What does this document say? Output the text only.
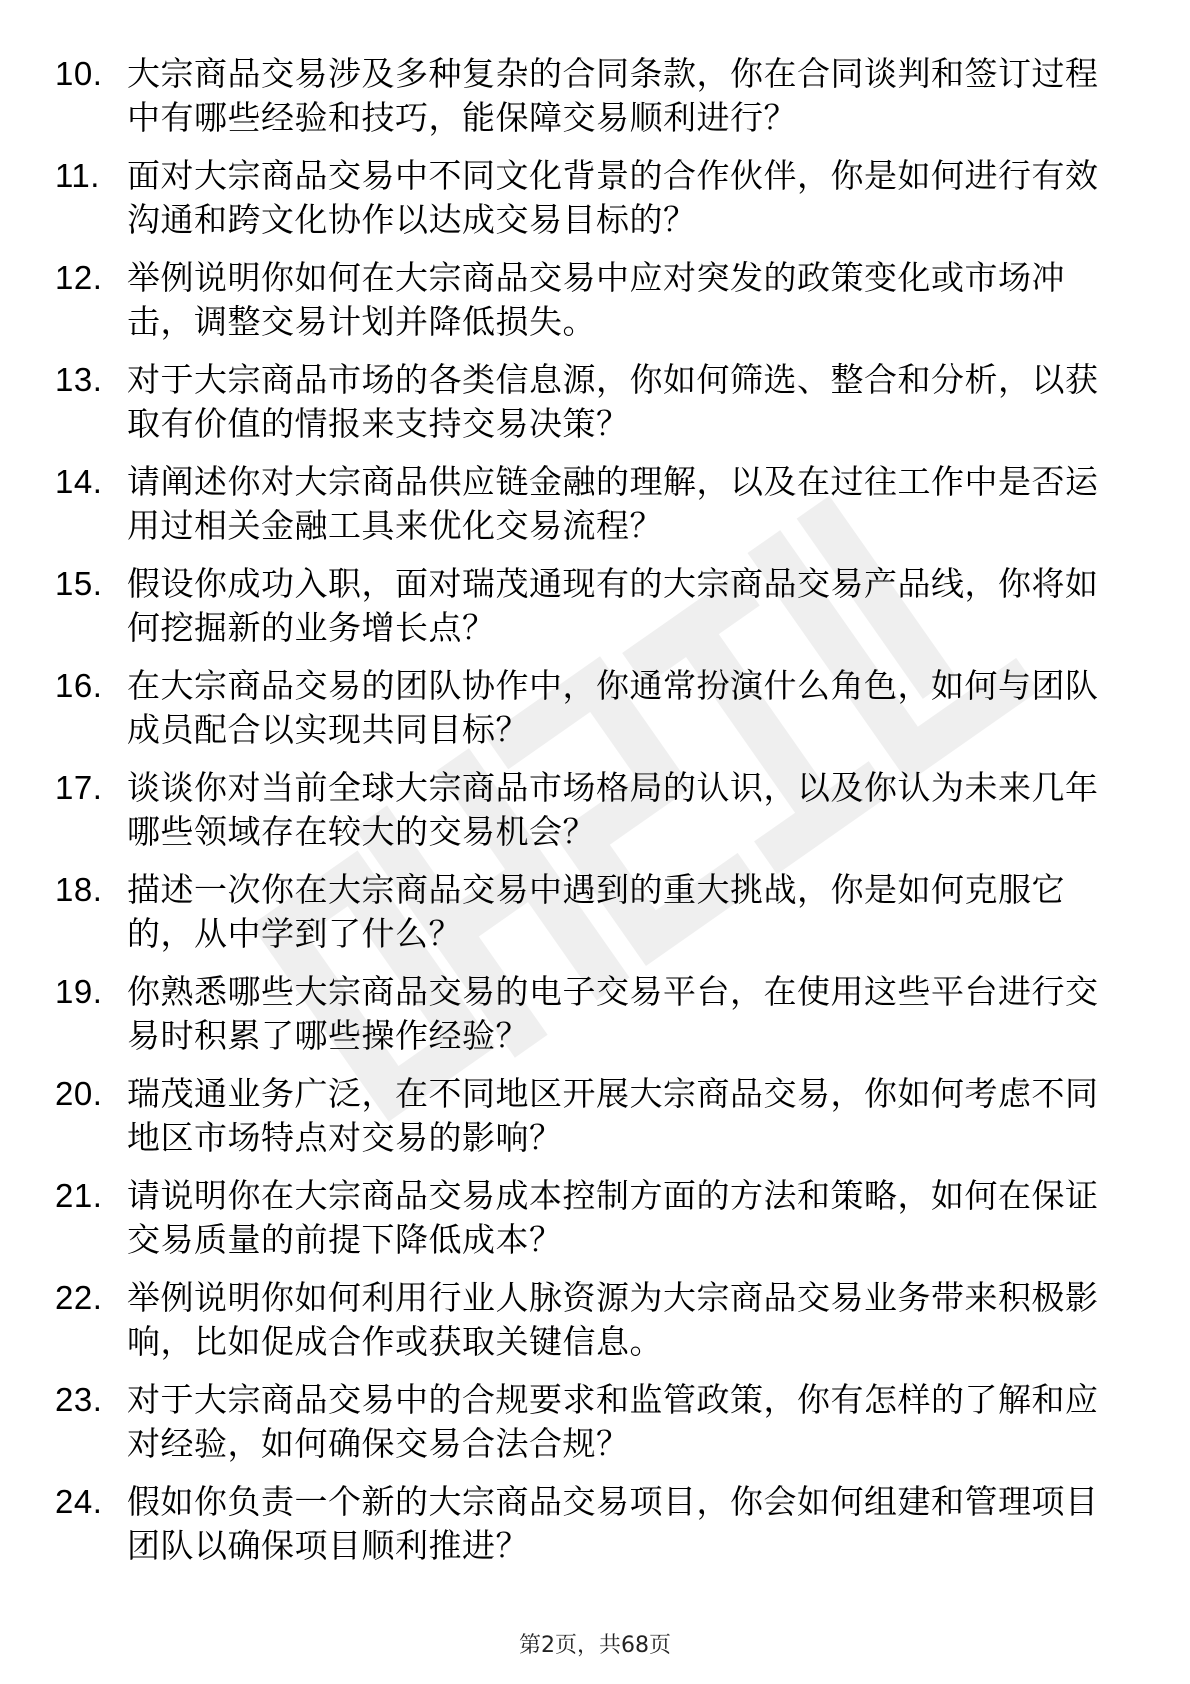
10. 大宗商品交易涉及多种复杂的合同条款，你在合同谈判和签订过程中有哪些经验和技巧，能保障交易顺利进行？
11. 面对大宗商品交易中不同文化背景的合作伙伴，你是如何进行有效沟通和跨文化协作以达成交易目标的？
12. 举例说明你如何在大宗商品交易中应对突发的政策变化或市场冲击，调整交易计划并降低损失。
13. 对于大宗商品市场的各类信息源，你如何筛选、整合和分析，以获取有价值的情报来支持交易决策？
14. 请阐述你对大宗商品供应链金融的理解，以及在过往工作中是否运用过相关金融工具来优化交易流程？
15. 假设你成功入职，面对瑞茂通现有的大宗商品交易产品线，你将如何挖掘新的业务增长点？
16. 在大宗商品交易的团队协作中，你通常扮演什么角色，如何与团队成员配合以实现共同目标？
17. 谈谈你对当前全球大宗商品市场格局的认识，以及你认为未来几年哪些领域存在较大的交易机会？
18. 描述一次你在大宗商品交易中遇到的重大挑战，你是如何克服它的，从中学到了什么？
19. 你熟悉哪些大宗商品交易的电子交易平台，在使用这些平台进行交易时积累了哪些操作经验？
20. 瑞茂通业务广泛，在不同地区开展大宗商品交易，你如何考虑不同地区市场特点对交易的影响？
21. 请说明你在大宗商品交易成本控制方面的方法和策略，如何在保证交易质量的前提下降低成本？
22. 举例说明你如何利用行业人脉资源为大宗商品交易业务带来积极影响，比如促成合作或获取关键信息。
23. 对于大宗商品交易中的合规要求和监管政策，你有怎样的了解和应对经验，如何确保交易合法合规？
24. 假如你负责一个新的大宗商品交易项目，你会如何组建和管理项目团队以确保项目顺利推进？
第2页，共68页
